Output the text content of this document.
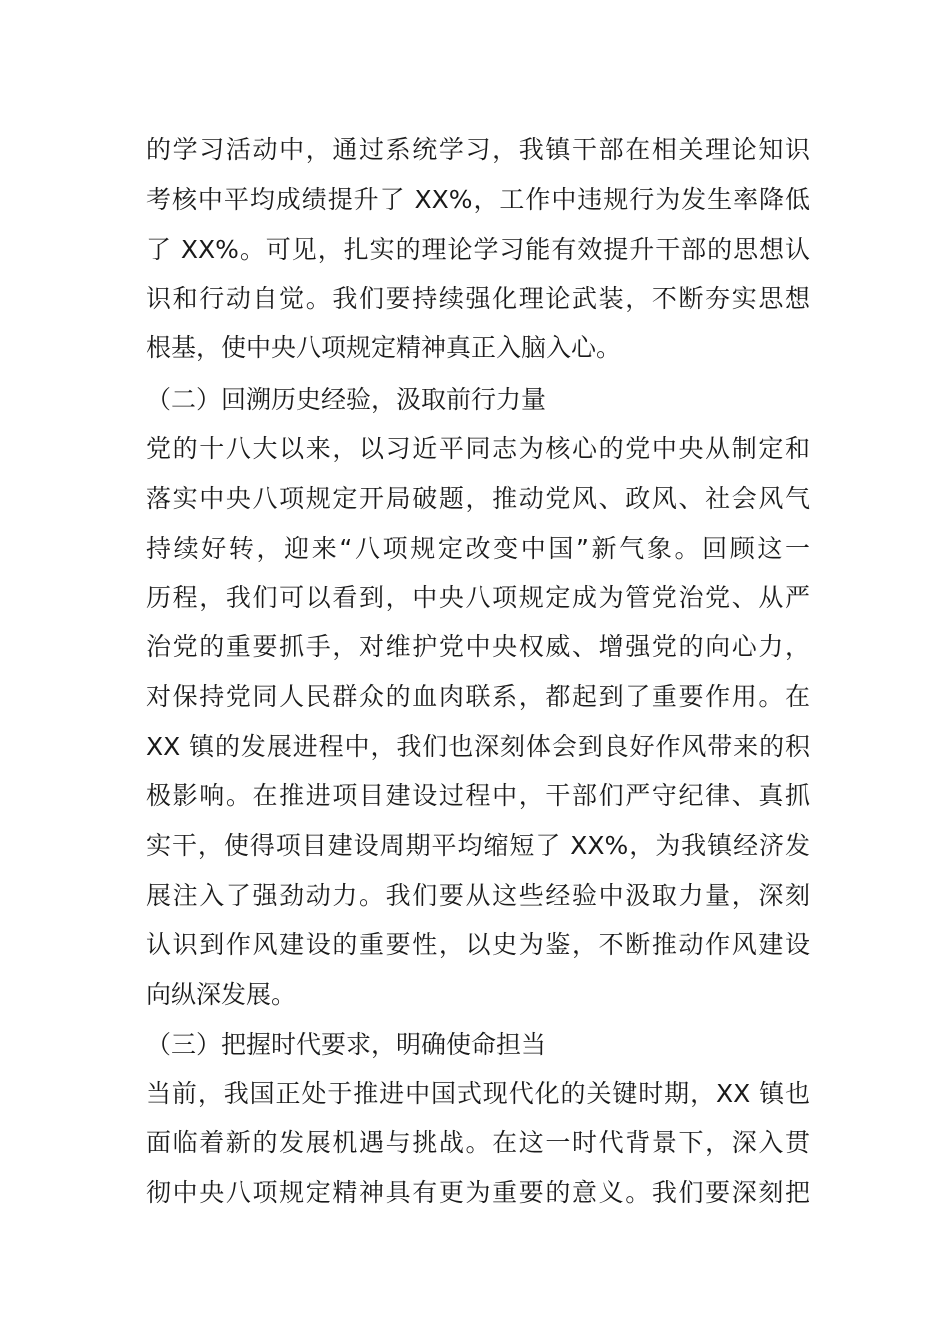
的学习活动中，通过系统学习，我镇干部在相关理论知识
考核中平均成绩提升了 XX%，工作中违规行为发生率降低
了 XX%。可见，扎实的理论学习能有效提升干部的思想认
识和行动自觉。我们要持续强化理论武装，不断夯实思想
根基，使中央八项规定精神真正入脑入心。
（二）回溯历史经验，汲取前行力量
党的十八大以来，以习近平同志为核心的党中央从制定和
落实中央八项规定开局破题，推动党风、政风、社会风气
持续好转，迎来“八项规定改变中国”新气象。回顾这一
历程，我们可以看到，中央八项规定成为管党治党、从严
治党的重要抓手，对维护党中央权威、增强党的向心力，
对保持党同人民群众的血肉联系，都起到了重要作用。在
XX 镇的发展进程中，我们也深刻体会到良好作风带来的积
极影响。在推进项目建设过程中，干部们严守纪律、真抓
实干，使得项目建设周期平均缩短了 XX%，为我镇经济发
展注入了强劲动力。我们要从这些经验中汲取力量，深刻
认识到作风建设的重要性，以史为鉴，不断推动作风建设
向纵深发展。
（三）把握时代要求，明确使命担当
当前，我国正处于推进中国式现代化的关键时期，XX 镇也
面临着新的发展机遇与挑战。在这一时代背景下，深入贯
彻中央八项规定精神具有更为重要的意义。我们要深刻把
